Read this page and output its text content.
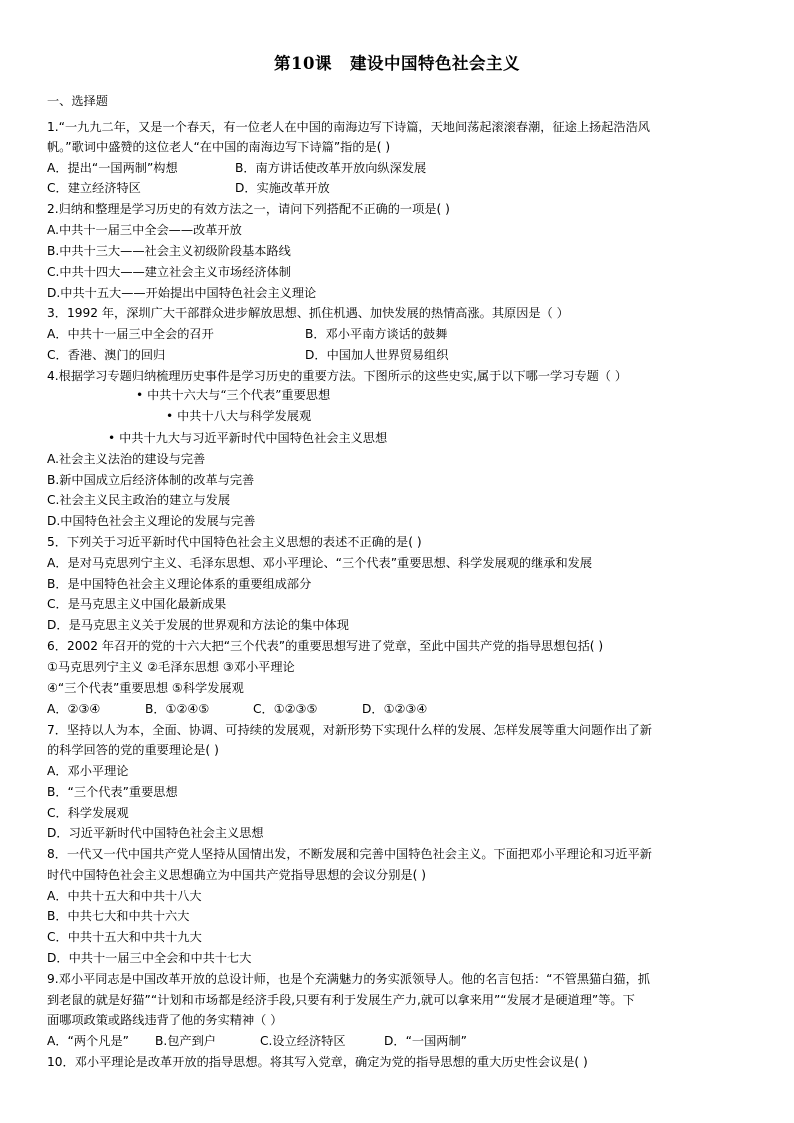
第10课 建设中国特色社会主义
一、选择题
1.“一九九二年，又是一个春天，有一位老人在中国的南海边写下诗篇，天地间荡起滚滚春潮，征途上扬起浩浩风
帆。”歌词中盛赞的这位老人“在中国的南海边写下诗篇”指的是( )
A．提出“一国两制”构想	B．南方讲话使改革开放向纵深发展
C．建立经济特区	D．实施改革开放
2.归纳和整理是学习历史的有效方法之一，请问下列搭配不正确的一项是( )
A.中共十一届三中全会——改革开放
B.中共十三大——社会主义初级阶段基本路线
C.中共十四大——建立社会主义市场经济体制
D.中共十五大——开始提出中国特色社会主义理论
3．1992 年，深圳广大干部群众进步解放思想、抓住机遇、加快发展的热情高涨。其原因是（ ）
A．中共十一届三中全会的召开	B．邓小平南方谈话的鼓舞
C．香港、澳门的回归	D．中国加人世界贸易组织
4.根据学习专题归纳梳理历史事件是学习历史的重要方法。下图所示的这些史实,属于以下哪一学习专题（ ）
• 中共十六大与“三个代表”重要思想
• 中共十八大与科学发展观
• 中共十九大与习近平新时代中国特色社会主义思想
A.社会主义法治的建设与完善
B.新中国成立后经济体制的改革与完善
C.社会主义民主政治的建立与发展
D.中国特色社会主义理论的发展与完善
5．下列关于习近平新时代中国特色社会主义思想的表述不正确的是( )
A．是对马克思列宁主义、毛泽东思想、邓小平理论、“三个代表”重要思想、科学发展观的继承和发展
B．是中国特色社会主义理论体系的重要组成部分
C．是马克思主义中国化最新成果
D．是马克思主义关于发展的世界观和方法论的集中体现
6．2002 年召开的党的十六大把“三个代表”的重要思想写进了党章，至此中国共产党的指导思想包括( )
①马克思列宁主义 ②毛泽东思想 ③邓小平理论
④“三个代表”重要思想 ⑤科学发展观
A．②③④	B．①②④⑤	C．①②③⑤	D．①②③④
7．坚持以人为本，全面、协调、可持续的发展观，对新形势下实现什么样的发展、怎样发展等重大问题作出了新
的科学回答的党的重要理论是( )
A．邓小平理论
B．“三个代表”重要思想
C．科学发展观
D．习近平新时代中国特色社会主义思想
8．一代又一代中国共产党人坚持从国情出发，不断发展和完善中国特色社会主义。下面把邓小平理论和习近平新
时代中国特色社会主义思想确立为中国共产党指导思想的会议分别是( )
A．中共十五大和中共十八大
B．中共七大和中共十六大
C．中共十五大和中共十九大
D．中共十一届三中全会和中共十七大
9.邓小平同志是中国改革开放的总设计师，也是个充满魅力的务实派领导人。他的名言包括：“不管黑猫白猫，抓
到老鼠的就是好猫”“计划和市场都是经济手段,只要有利于发展生产力,就可以拿来用”“发展才是硬道理”等。下
面哪项政策或路线违背了他的务实精神（ ）
A．“两个凡是” B.包产到户	C.设立经济特区	D．“一国两制”
10．邓小平理论是改革开放的指导思想。将其写入党章，确定为党的指导思想的重大历史性会议是( )
